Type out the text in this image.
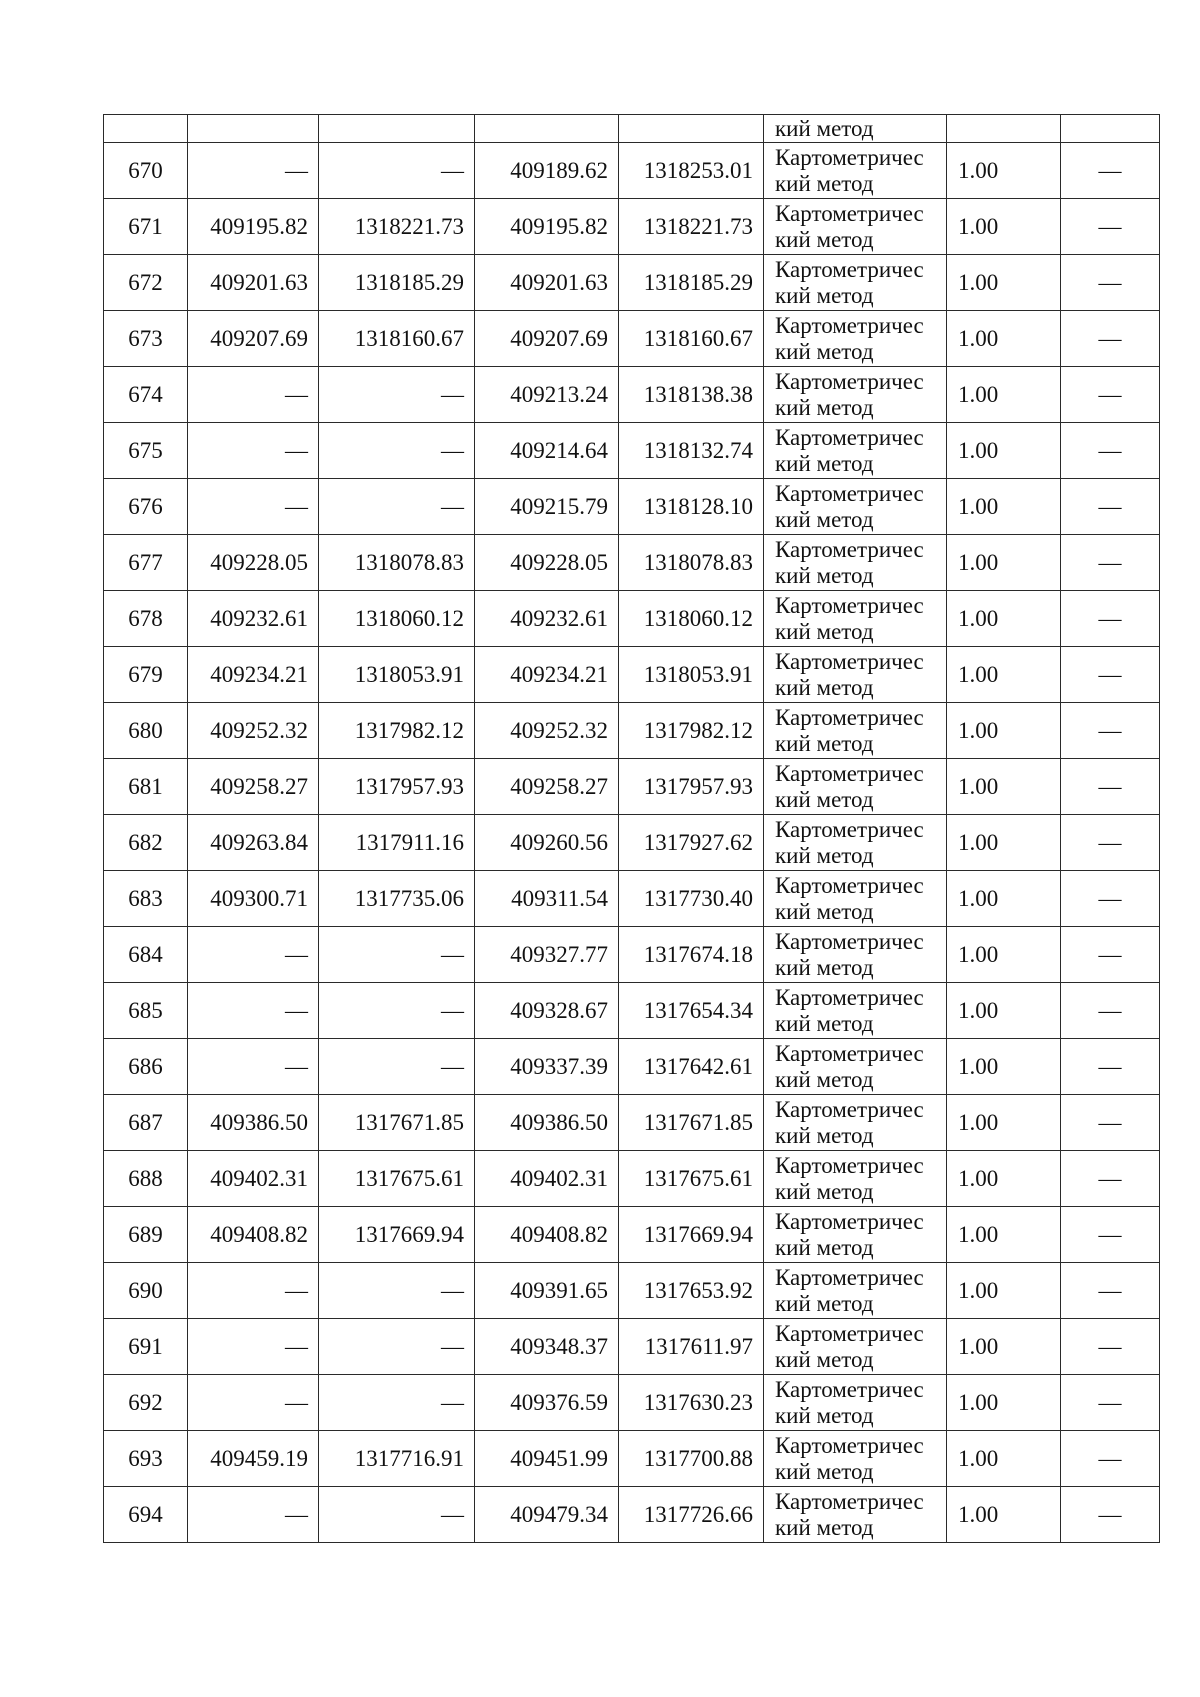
					кий метод		
670	—	—	409189.62	1318253.01	Картометричес
кий метод	1.00	—
671	409195.82	1318221.73	409195.82	1318221.73	Картометричес
кий метод	1.00	—
672	409201.63	1318185.29	409201.63	1318185.29	Картометричес
кий метод	1.00	—
673	409207.69	1318160.67	409207.69	1318160.67	Картометричес
кий метод	1.00	—
674	—	—	409213.24	1318138.38	Картометричес
кий метод	1.00	—
675	—	—	409214.64	1318132.74	Картометричес
кий метод	1.00	—
676	—	—	409215.79	1318128.10	Картометричес
кий метод	1.00	—
677	409228.05	1318078.83	409228.05	1318078.83	Картометричес
кий метод	1.00	—
678	409232.61	1318060.12	409232.61	1318060.12	Картометричес
кий метод	1.00	—
679	409234.21	1318053.91	409234.21	1318053.91	Картометричес
кий метод	1.00	—
680	409252.32	1317982.12	409252.32	1317982.12	Картометричес
кий метод	1.00	—
681	409258.27	1317957.93	409258.27	1317957.93	Картометричес
кий метод	1.00	—
682	409263.84	1317911.16	409260.56	1317927.62	Картометричес
кий метод	1.00	—
683	409300.71	1317735.06	409311.54	1317730.40	Картометричес
кий метод	1.00	—
684	—	—	409327.77	1317674.18	Картометричес
кий метод	1.00	—
685	—	—	409328.67	1317654.34	Картометричес
кий метод	1.00	—
686	—	—	409337.39	1317642.61	Картометричес
кий метод	1.00	—
687	409386.50	1317671.85	409386.50	1317671.85	Картометричес
кий метод	1.00	—
688	409402.31	1317675.61	409402.31	1317675.61	Картометричес
кий метод	1.00	—
689	409408.82	1317669.94	409408.82	1317669.94	Картометричес
кий метод	1.00	—
690	—	—	409391.65	1317653.92	Картометричес
кий метод	1.00	—
691	—	—	409348.37	1317611.97	Картометричес
кий метод	1.00	—
692	—	—	409376.59	1317630.23	Картометричес
кий метод	1.00	—
693	409459.19	1317716.91	409451.99	1317700.88	Картометричес
кий метод	1.00	—
694	—	—	409479.34	1317726.66	Картометричес
кий метод	1.00	—
